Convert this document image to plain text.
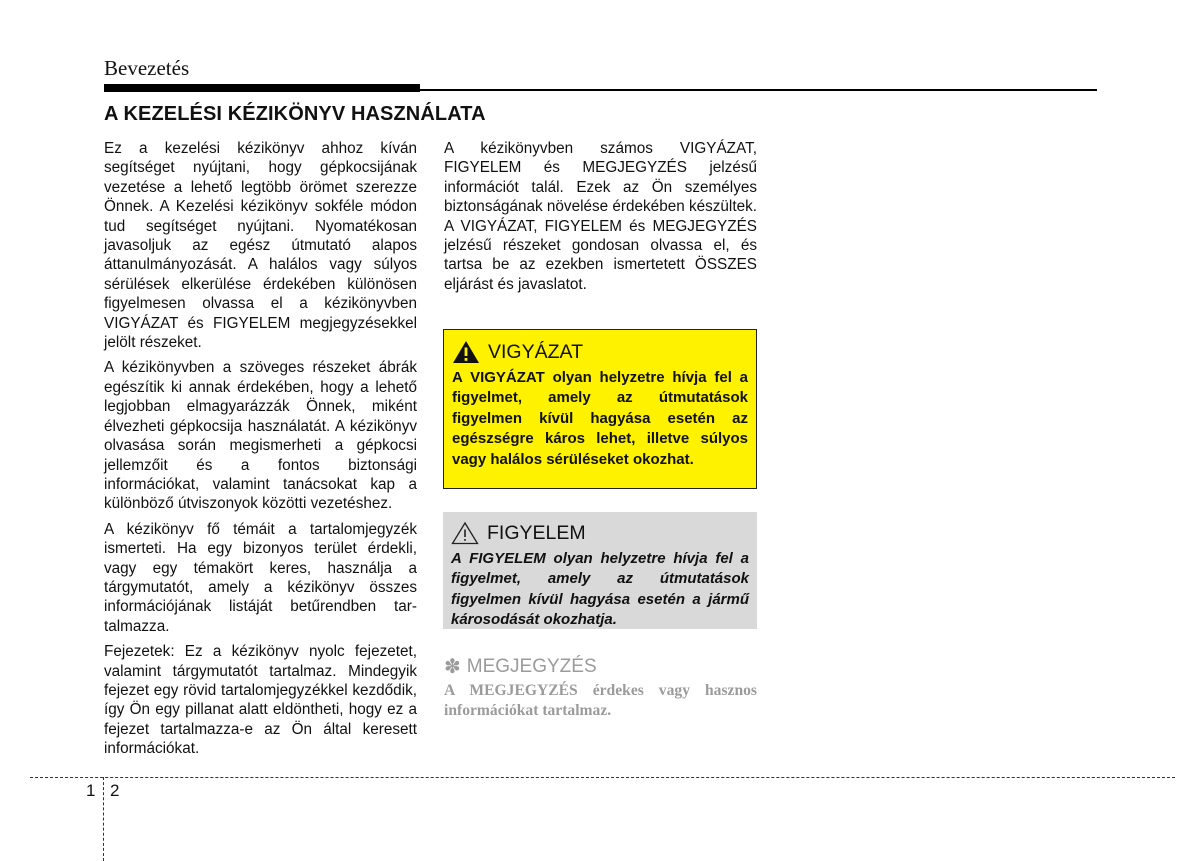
Bevezetés
A KEZELÉSI KÉZIKÖNYV HASZNÁLATA

Ez a kezelési kézikönyv ahhoz kíván segítséget nyújtani, hogy gépkocsijának vezetése a lehető legtöbb örömet szerezze Önnek. A Kezelési kézikönyv sokféle módon tud segítséget nyújtani. Nyomatékosan javasoljuk az egész útmutató alapos áttanulmányozását. A halálos vagy súlyos sérülések elkerülése érdekében különösen figyelmesen olvassa el a kézikönyvben VIGYÁZAT és FIGYELEM megjegyzésekkel jelölt részeket.

A kézikönyvben a szöveges részeket ábrák egészítik ki annak érdekében, hogy a lehető legjobban elmagyarázzák Önnek, miként élvezheti gépkocsija használatát. A kézikönyv olvasása során megismerheti a gépkocsi jellemzőit és a fontos biztonsági információkat, valamint tanácsokat kap a különböző útviszonyok közötti vezetéshez.

A kézikönyv fő témáit a tartalomjegyzék ismerteti. Ha egy bizonyos terület érdekli, vagy egy témakört keres, használja a tárgymutatót, amely a kézikönyv összes információjának listáját betűrendben tartalmazza.

Fejezetek: Ez a kézikönyv nyolc fejezetet, valamint tárgymutatót tartalmaz. Mindegyik fejezet egy rövid tartalomjegyzékkel kezdődik, így Ön egy pillanat alatt eldöntheti, hogy ez a fejezet tartalmazza-e az Ön által keresett információkat.

A kézikönyvben számos VIGYÁZAT, FIGYELEM és MEGJEGYZÉS jelzésű információt talál. Ezek az Ön személyes biztonságának növelése érdekében készültek. A VIGYÁZAT, FIGYELEM és MEGJEGYZÉS jelzésű részeket gondosan olvassa el, és tartsa be az ezekben ismertetett ÖSSZES eljárást és javaslatot.

VIGYÁZAT
A VIGYÁZAT olyan helyzetre hívja fel a figyelmet, amely az útmutatások figyelmen kívül hagyása esetén az egészségre káros lehet, illetve súlyos vagy halálos sérüléseket okozhat.
FIGYELEM
A FIGYELEM olyan helyzetre hívja fel a figyelmet, amely az útmutatások figyelmen kívül hagyása esetén a jármű károsodását okozhatja.
✽ MEGJEGYZÉS
A MEGJEGYZÉS érdekes vagy hasznos információkat tartalmaz.
1 2
